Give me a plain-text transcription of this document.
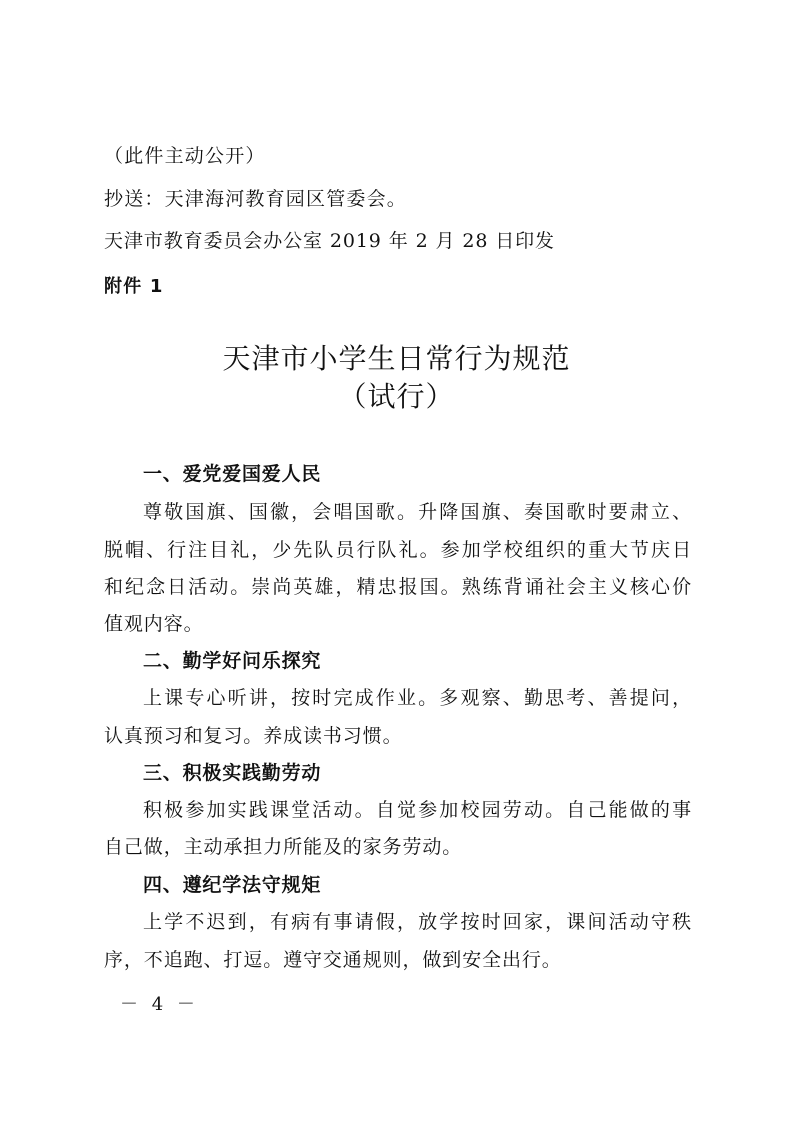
（此件主动公开）
抄送：天津海河教育园区管委会。
天津市教育委员会办公室 2019 年 2 月 28 日印发
附件 1
天津市小学生日常行为规范
（试行）
一、爱党爱国爱人民
尊敬国旗、国徽，会唱国歌。升降国旗、奏国歌时要肃立、
脱帽、行注目礼，少先队员行队礼。参加学校组织的重大节庆日
和纪念日活动。崇尚英雄，精忠报国。熟练背诵社会主义核心价
值观内容。
二、勤学好问乐探究
上课专心听讲，按时完成作业。多观察、勤思考、善提问，
认真预习和复习。养成读书习惯。
三、积极实践勤劳动
积极参加实践课堂活动。自觉参加校园劳动。自己能做的事
自己做，主动承担力所能及的家务劳动。
四、遵纪学法守规矩
上学不迟到，有病有事请假，放学按时回家，课间活动守秩
序，不追跑、打逗。遵守交通规则，做到安全出行。
－ 4 －
